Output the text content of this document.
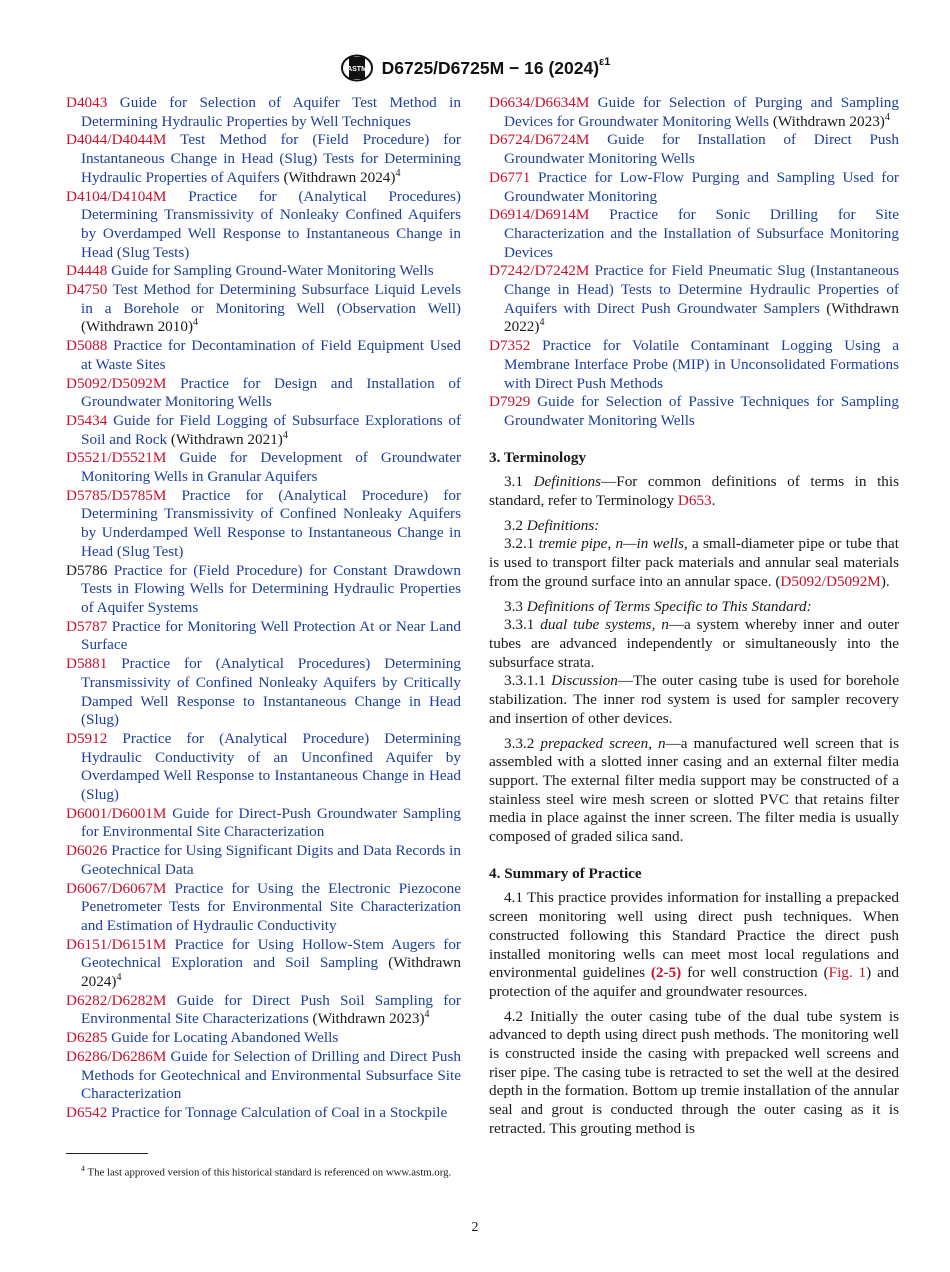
ASTM D6725/D6725M − 16 $(2024)^{\varepsilon 1}$

D4043 Guide for Selection of Aquifer Test Method in Determining Hydraulic Properties by Well Techniques

D4044/D4044M Test Method for (Field Procedure) for Instantaneous Change in Head (Slug) Tests for Determining Hydraulic Properties of Aquifers (Withdrawn 2024)$^4$

D4104/D4104M Practice for (Analytical Procedures) Determining Transmissivity of Nonleaky Confined Aquifers by Overdamped Well Response to Instantaneous Change in Head (Slug Tests)

D4448 Guide for Sampling Ground-Water Monitoring Wells

D4750 Test Method for Determining Subsurface Liquid Levels in a Borehole or Monitoring Well (Observation Well) (Withdrawn 2010)$^4$

D5088 Practice for Decontamination of Field Equipment Used at Waste Sites

D5092/D5092M Practice for Design and Installation of Groundwater Monitoring Wells

D5434 Guide for Field Logging of Subsurface Explorations of Soil and Rock (Withdrawn 2021)$^4$

D5521/D5521M Guide for Development of Groundwater Monitoring Wells in Granular Aquifers

D5785/D5785M Practice for (Analytical Procedure) for Determining Transmissivity of Confined Nonleaky Aquifers by Underdamped Well Response to Instantaneous Change in Head (Slug Test)

D5786 Practice for (Field Procedure) for Constant Drawdown Tests in Flowing Wells for Determining Hydraulic Properties of Aquifer Systems

D5787 Practice for Monitoring Well Protection At or Near Land Surface

D5881 Practice for (Analytical Procedures) Determining Transmissivity of Confined Nonleaky Aquifers by Critically Damped Well Response to Instantaneous Change in Head (Slug)

D5912 Practice for (Analytical Procedure) Determining Hydraulic Conductivity of an Unconfined Aquifer by Overdamped Well Response to Instantaneous Change in Head (Slug)

D6001/D6001M Guide for Direct-Push Groundwater Sampling for Environmental Site Characterization

D6026 Practice for Using Significant Digits and Data Records in Geotechnical Data

D6067/D6067M Practice for Using the Electronic Piezocone Penetrometer Tests for Environmental Site Characterization and Estimation of Hydraulic Conductivity

D6151/D6151M Practice for Using Hollow-Stem Augers for Geotechnical Exploration and Soil Sampling (Withdrawn 2024)$^4$

D6282/D6282M Guide for Direct Push Soil Sampling for Environmental Site Characterizations (Withdrawn 2023)$^4$

D6285 Guide for Locating Abandoned Wells

D6286/D6286M Guide for Selection of Drilling and Direct Push Methods for Geotechnical and Environmental Subsurface Site Characterization

D6542 Practice for Tonnage Calculation of Coal in a Stockpile

D6634/D6634M Guide for Selection of Purging and Sampling Devices for Groundwater Monitoring Wells (Withdrawn 2023)$^4$

D6724/D6724M Guide for Installation of Direct Push Groundwater Monitoring Wells

D6771 Practice for Low-Flow Purging and Sampling Used for Groundwater Monitoring

D6914/D6914M Practice for Sonic Drilling for Site Characterization and the Installation of Subsurface Monitoring Devices

D7242/D7242M Practice for Field Pneumatic Slug (Instantaneous Change in Head) Tests to Determine Hydraulic Properties of Aquifers with Direct Push Groundwater Samplers (Withdrawn 2022)$^4$

D7352 Practice for Volatile Contaminant Logging Using a Membrane Interface Probe (MIP) in Unconsolidated Formations with Direct Push Methods

D7929 Guide for Selection of Passive Techniques for Sampling Groundwater Monitoring Wells

3. Terminology

3.1 Definitions—For common definitions of terms in this standard, refer to Terminology D653.

3.2 Definitions:

3.2.1 tremie pipe, n—in wells, a small-diameter pipe or tube that is used to transport filter pack materials and annular seal materials from the ground surface into an annular space. (D5092/D5092M).

3.3 Definitions of Terms Specific to This Standard:

3.3.1 dual tube systems, n—a system whereby inner and outer tubes are advanced independently or simultaneously into the subsurface strata.

3.3.1.1 Discussion—The outer casing tube is used for borehole stabilization. The inner rod system is used for sampler recovery and insertion of other devices.

3.3.2 prepacked screen, n—a manufactured well screen that is assembled with a slotted inner casing and an external filter media support. The external filter media support may be constructed of a stainless steel wire mesh screen or slotted PVC that retains filter media in place against the inner screen. The filter media is usually composed of graded silica sand.

4. Summary of Practice

4.1 This practice provides information for installing a prepacked screen monitoring well using direct push techniques. When constructed following this Standard Practice the direct push installed monitoring wells can meet most local regulations and environmental guidelines (2-5) for well construction (Fig. 1) and protection of the aquifer and groundwater resources.

4.2 Initially the outer casing tube of the dual tube system is advanced to depth using direct push methods. The monitoring well is constructed inside the casing with prepacked well screens and riser pipe. The casing tube is retracted to set the well at the desired depth in the formation. Bottom up tremie installation of the annular seal and grout is conducted through the outer casing as it is retracted. This grouting method is

$^4$ The last approved version of this historical standard is referenced on www.astm.org.
2
